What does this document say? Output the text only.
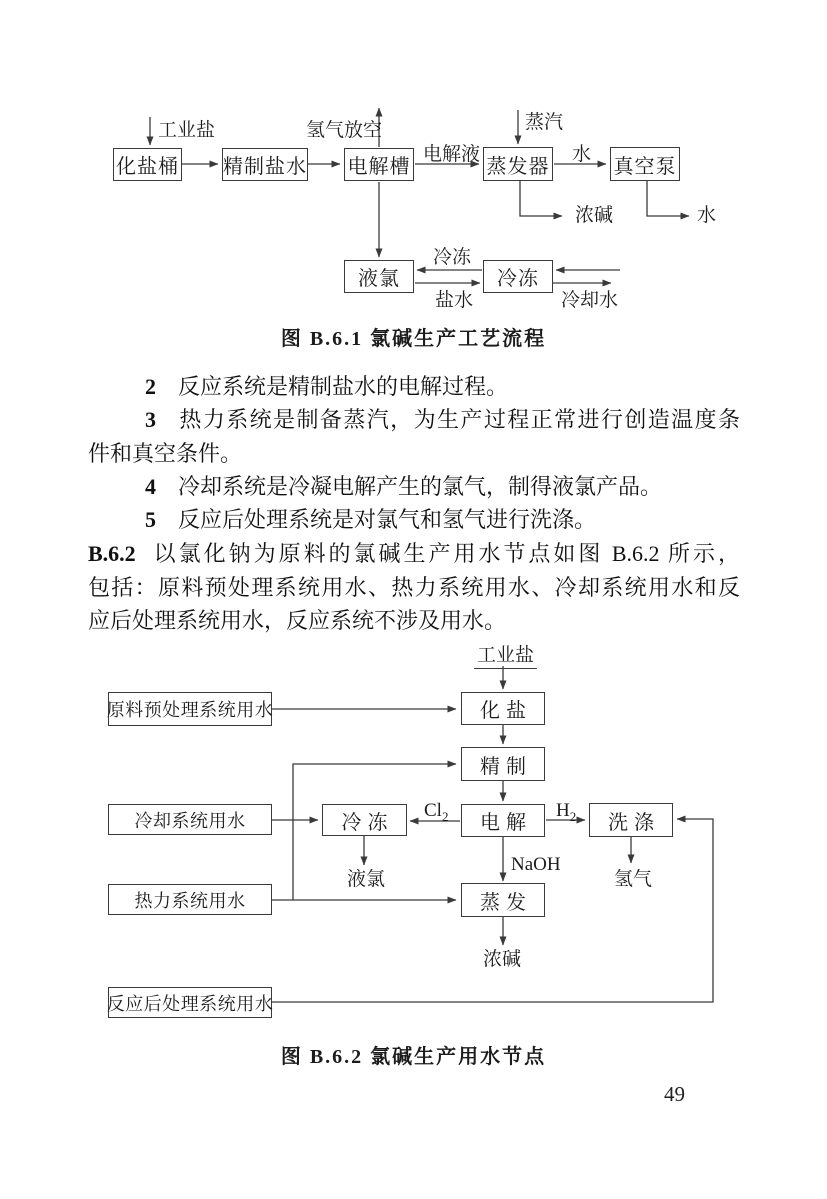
化盐桶 精制盐水 电解槽	蒸发器	真空泵
液氯	冷冻
工业盐	氢气放空	蒸汽
电解液	水
浓碱	水
冷冻
盐水	冷却水
图 B.6.1 氯碱生产工艺流程
2 反应系统是精制盐水的电解过程。
3 热力系统是制备蒸汽，为生产过程正常进行创造温度条
件和真空条件。
4 冷却系统是冷凝电解产生的氯气，制得液氯产品。
5 反应后处理系统是对氯气和氢气进行洗涤。
B.6.2 以氯化钠为原料的氯碱生产用水节点如图 B.6.2 所示，
包括：原料预处理系统用水、热力系统用水、冷却系统用水和反
应后处理系统用水，反应系统不涉及用水。
化盐
精制
电解
蒸发
冷冻	洗涤
原料预处理系统用水
冷却系统用水
热力系统用水
反应后处理系统用水
工业盐
$Cl_2$	$H_2$
NaOH
液氯	氢气
浓碱
图 B.6.2 氯碱生产用水节点
49
